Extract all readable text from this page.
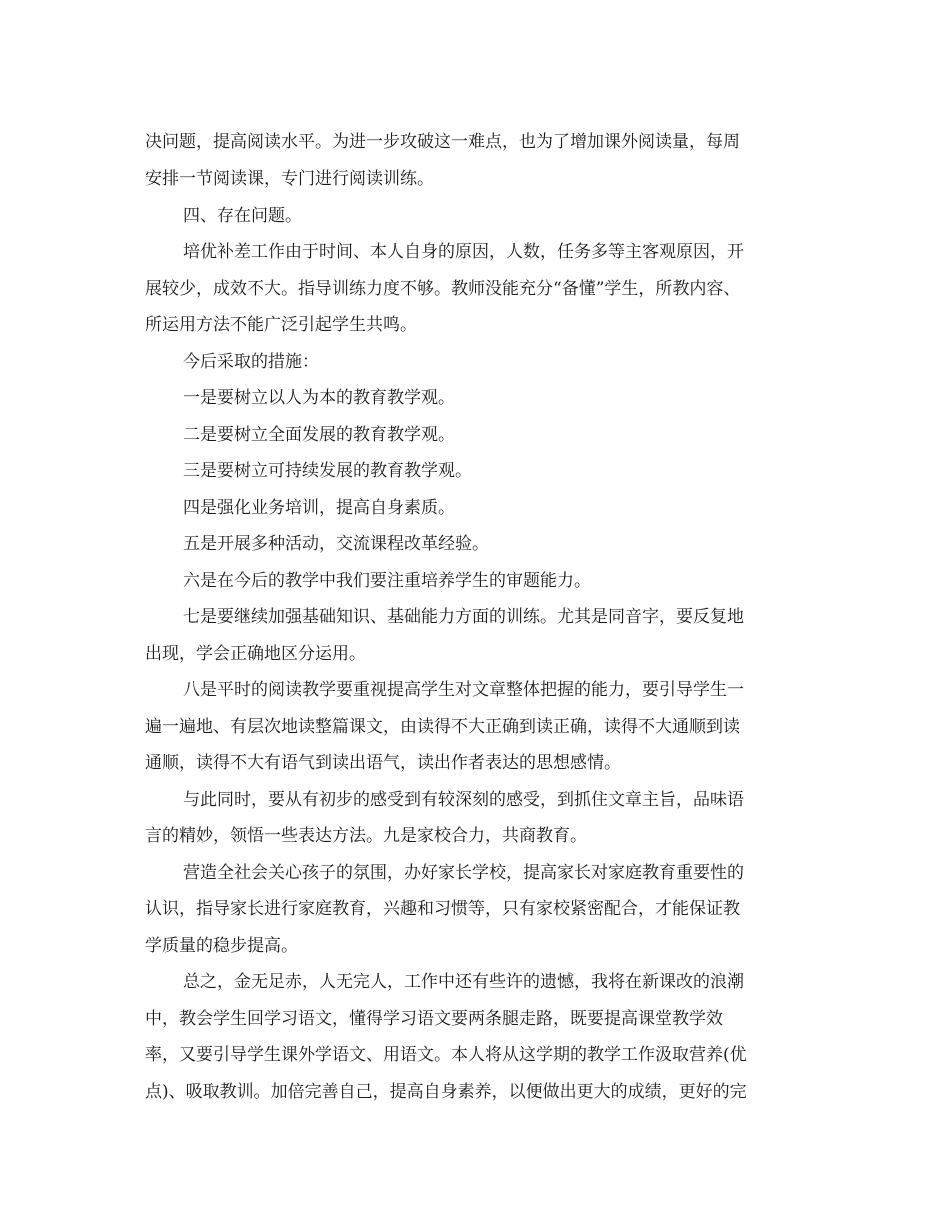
决问题，提高阅读水平。为进一步攻破这一难点，也为了增加课外阅读量，每周
安排一节阅读课，专门进行阅读训练。
四、存在问题。
培优补差工作由于时间、本人自身的原因，人数，任务多等主客观原因，开
展较少，成效不大。指导训练力度不够。教师没能充分“备懂”学生，所教内容、
所运用方法不能广泛引起学生共鸣。
今后采取的措施：
一是要树立以人为本的教育教学观。
二是要树立全面发展的教育教学观。
三是要树立可持续发展的教育教学观。
四是强化业务培训，提高自身素质。
五是开展多种活动，交流课程改革经验。
六是在今后的教学中我们要注重培养学生的审题能力。
七是要继续加强基础知识、基础能力方面的训练。尤其是同音字，要反复地
出现，学会正确地区分运用。
八是平时的阅读教学要重视提高学生对文章整体把握的能力，要引导学生一
遍一遍地、有层次地读整篇课文，由读得不大正确到读正确，读得不大通顺到读
通顺，读得不大有语气到读出语气，读出作者表达的思想感情。
与此同时，要从有初步的感受到有较深刻的感受，到抓住文章主旨，品味语
言的精妙，领悟一些表达方法。九是家校合力，共商教育。
营造全社会关心孩子的氛围，办好家长学校，提高家长对家庭教育重要性的
认识，指导家长进行家庭教育，兴趣和习惯等，只有家校紧密配合，才能保证教
学质量的稳步提高。
总之，金无足赤，人无完人，工作中还有些许的遗憾，我将在新课改的浪潮
中，教会学生回学习语文，懂得学习语文要两条腿走路，既要提高课堂教学效
率，又要引导学生课外学语文、用语文。本人将从这学期的教学工作汲取营养(优
点)、吸取教训。加倍完善自己，提高自身素养，以便做出更大的成绩，更好的完
